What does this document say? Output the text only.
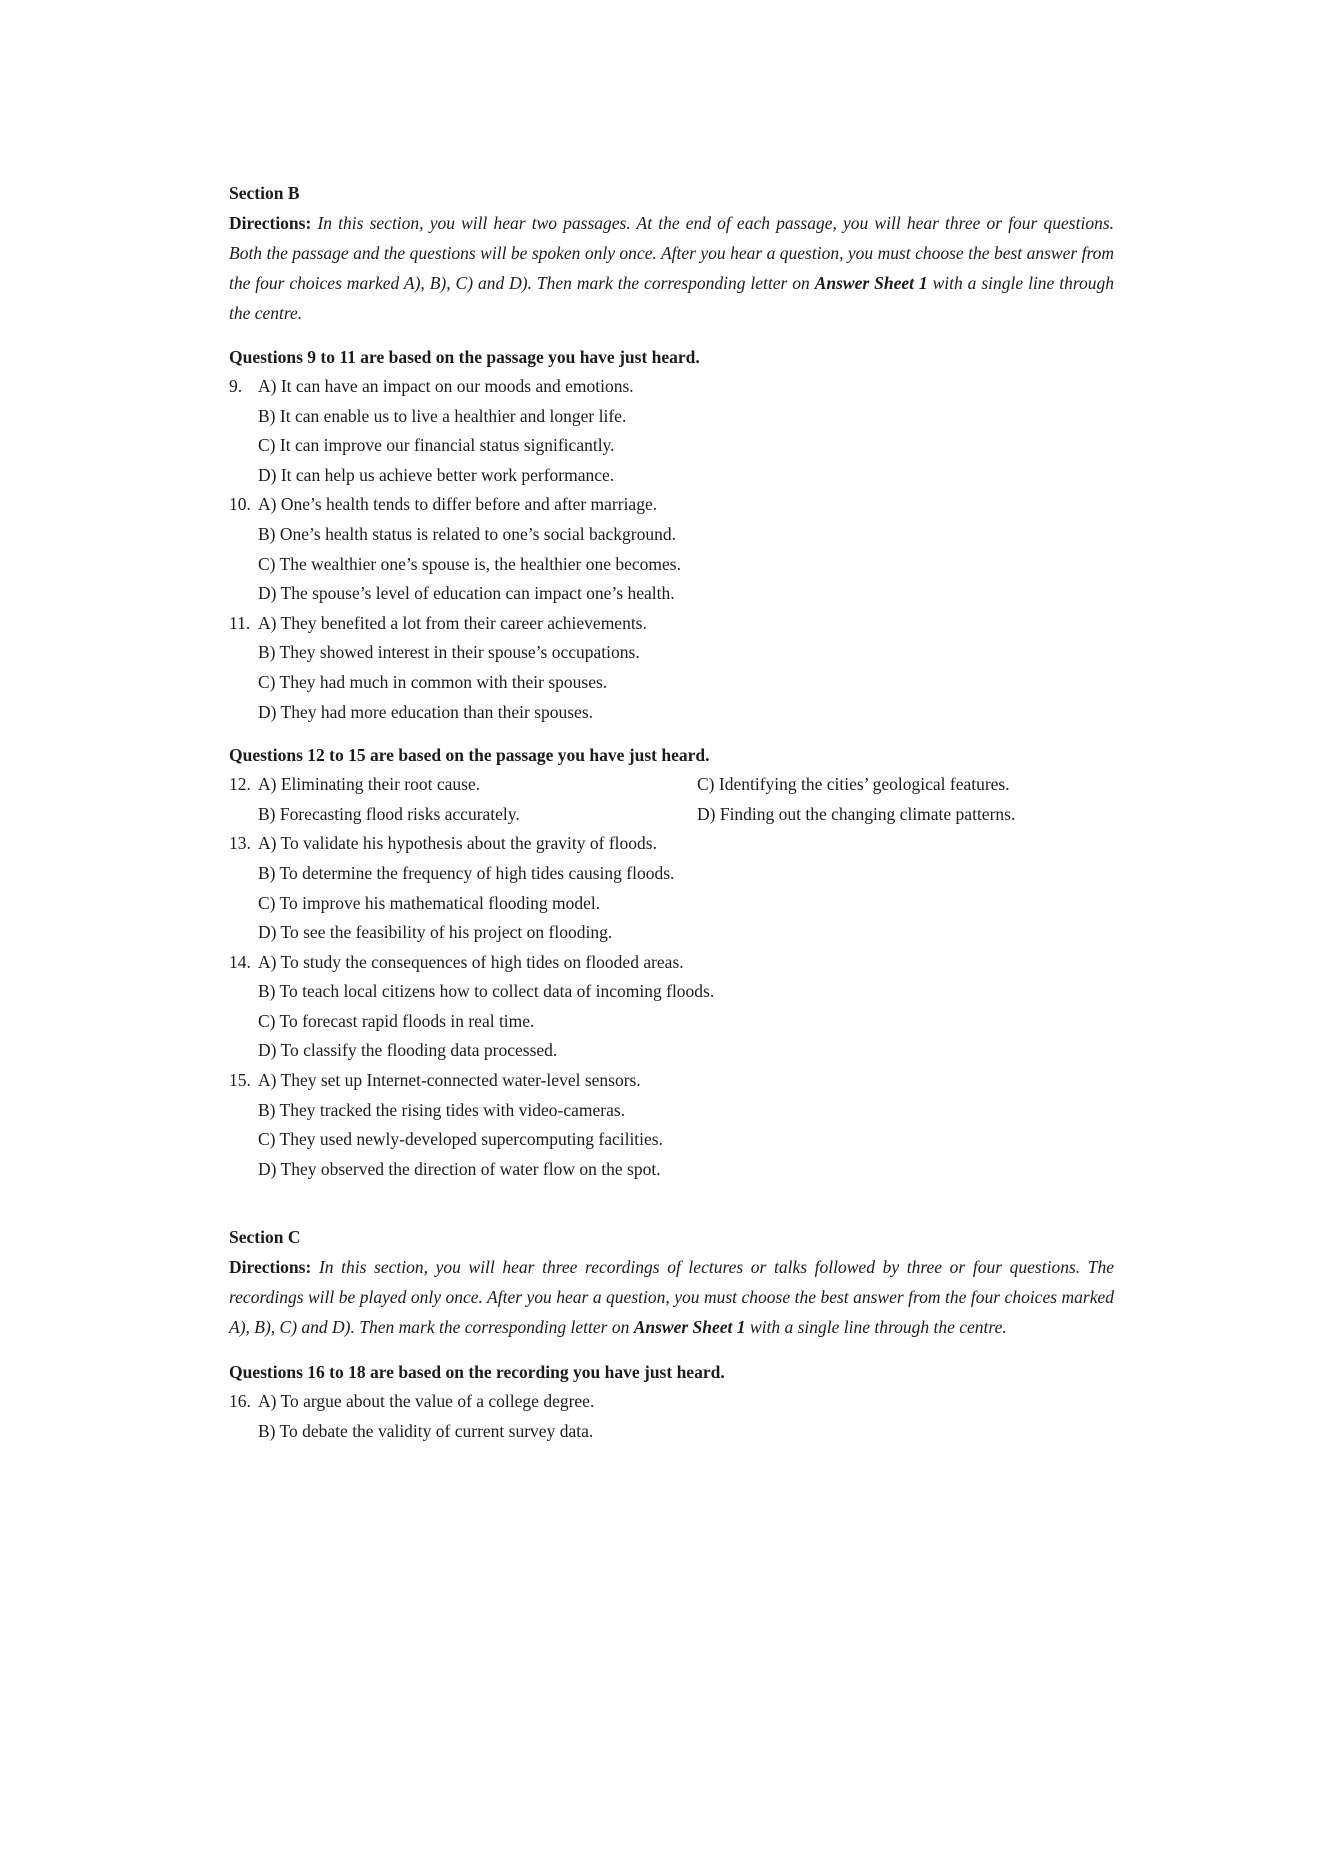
Section B

Directions: In this section, you will hear two passages. At the end of each passage, you will hear three or four questions. Both the passage and the questions will be spoken only once. After you hear a question, you must choose the best answer from the four choices marked A), B), C) and D). Then mark the corresponding letter on Answer Sheet 1 with a single line through the centre.

Questions 9 to 11 are based on the passage you have just heard.

9. A) It can have an impact on our moods and emotions.
B) It can enable us to live a healthier and longer life.
C) It can improve our financial status significantly.
D) It can help us achieve better work performance.
10. A) One’s health tends to differ before and after marriage.
B) One’s health status is related to one’s social background.
C) The wealthier one’s spouse is, the healthier one becomes.
D) The spouse’s level of education can impact one’s health.
11. A) They benefited a lot from their career achievements.
B) They showed interest in their spouse’s occupations.
C) They had much in common with their spouses.
D) They had more education than their spouses.

Questions 12 to 15 are based on the passage you have just heard.

12. A) Eliminating their root cause.	C) Identifying the cities’ geological features.
B) Forecasting flood risks accurately.	D) Finding out the changing climate patterns.
13. A) To validate his hypothesis about the gravity of floods.
B) To determine the frequency of high tides causing floods.
C) To improve his mathematical flooding model.
D) To see the feasibility of his project on flooding.
14. A) To study the consequences of high tides on flooded areas.
B) To teach local citizens how to collect data of incoming floods.
C) To forecast rapid floods in real time.
D) To classify the flooding data processed.
15. A) They set up Internet-connected water-level sensors.
B) They tracked the rising tides with video-cameras.
C) They used newly-developed supercomputing facilities.
D) They observed the direction of water flow on the spot.

Section C

Directions: In this section, you will hear three recordings of lectures or talks followed by three or four questions. The recordings will be played only once. After you hear a question, you must choose the best answer from the four choices marked A), B), C) and D). Then mark the corresponding letter on Answer Sheet 1 with a single line through the centre.

Questions 16 to 18 are based on the recording you have just heard.

16. A) To argue about the value of a college degree.
B) To debate the validity of current survey data.
